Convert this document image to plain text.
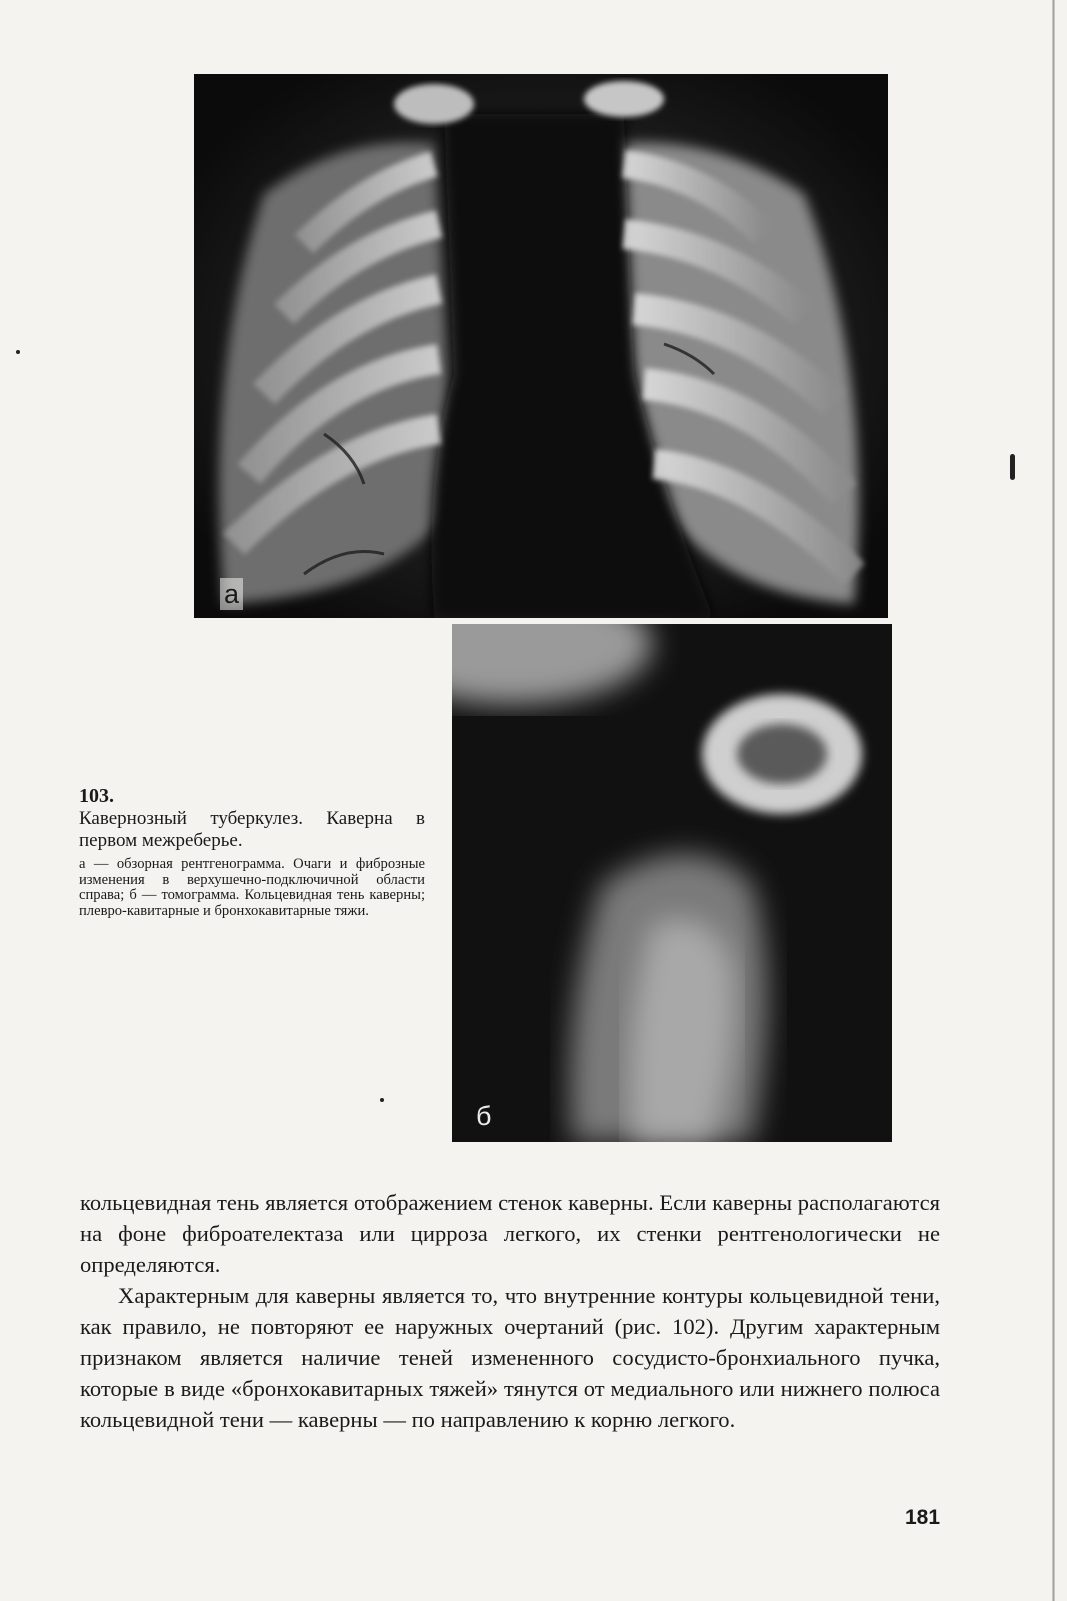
а
б
103.
Кавернозный туберкулез. Каверна в первом межреберье.
а — обзорная рентгенограмма. Очаги и фиброзные изменения в верхушечно-подключичной области справа; б — томограмма. Кольцевидная тень каверны; плевро-кавитарные и бронхокавитарные тяжи.

кольцевидная тень является отображением стенок каверны. Если каверны располагаются на фоне фиброателектаза или цирроза легкого, их стенки рентгенологически не определяются.

Характерным для каверны является то, что внутренние контуры кольцевидной тени, как правило, не повторяют ее наружных очертаний (рис. 102). Другим характерным признаком является наличие теней измененного сосудисто-бронхиального пучка, которые в виде «бронхокавитарных тяжей» тянутся от медиального или нижнего полюса кольцевидной тени — каверны — по направлению к корню легкого.

181
